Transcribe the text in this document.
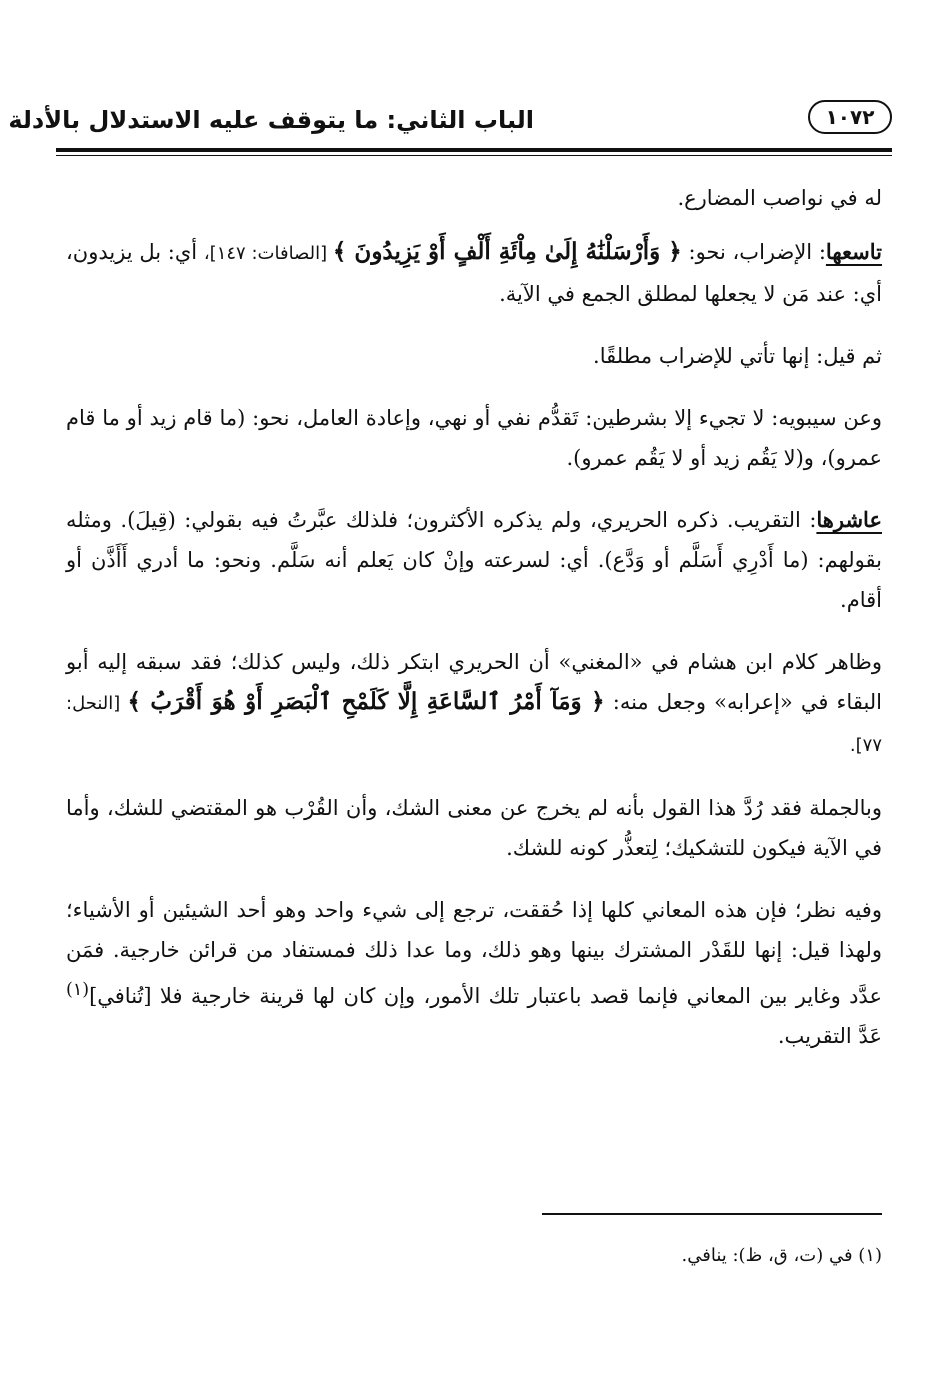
الباب الثاني: ما يتوقف عليه الاستدلال بالأدلة	١٠٧٢

له في نواصب المضارع.

تاسعها: الإضراب، نحو: ﴿ وَأَرْسَلْنَٰهُ إِلَىٰ مِاْئَةِ أَلْفٍ أَوْ يَزِيدُونَ ﴾ [الصافات: ١٤٧]، أي: بل يزيدون، أي: عند مَن لا يجعلها لمطلق الجمع في الآية.

ثم قيل: إنها تأتي للإضراب مطلقًا.

وعن سيبويه: لا تجيء إلا بشرطين: تَقدُّم نفي أو نهي، وإعادة العامل، نحو: (ما قام زيد أو ما قام عمرو)، و(لا يَقُم زيد أو لا يَقُم عمرو).

عاشرها: التقريب. ذكره الحريري، ولم يذكره الأكثرون؛ فلذلك عبَّرتُ فيه بقولي: (قِيلَ). ومثله بقولهم: (ما أَدْرِي أَسَلَّم أو وَدَّع). أي: لسرعته وإنْ كان يَعلم أنه سَلَّم. ونحو: ما أدري أَأَذَّن أو أقام.

وظاهر كلام ابن هشام في «المغني» أن الحريري ابتكر ذلك، وليس كذلك؛ فقد سبقه إليه أبو البقاء في «إعرابه» وجعل منه: ﴿ وَمَآ أَمْرُ ٱلسَّاعَةِ إِلَّا كَلَمْحِ ٱلْبَصَرِ أَوْ هُوَ أَقْرَبُ ﴾ [النحل: ٧٧].

وبالجملة فقد رُدَّ هذا القول بأنه لم يخرج عن معنى الشك، وأن القُرْب هو المقتضي للشك، وأما في الآية فيكون للتشكيك؛ لِتعذُّر كونه للشك.

وفيه نظر؛ فإن هذه المعاني كلها إذا حُققت، ترجع إلى شيء واحد وهو أحد الشيئين أو الأشياء؛ ولهذا قيل: إنها للقَدْر المشترك بينها وهو ذلك، وما عدا ذلك فمستفاد من قرائن خارجية. فمَن عدَّد وغاير بين المعاني فإنما قصد باعتبار تلك الأمور، وإن كان لها قرينة خارجية فلا [تُنافي]$^{(١)}$ عَدَّ التقريب.

(١) في (ت، ق، ظ): ينافي.
